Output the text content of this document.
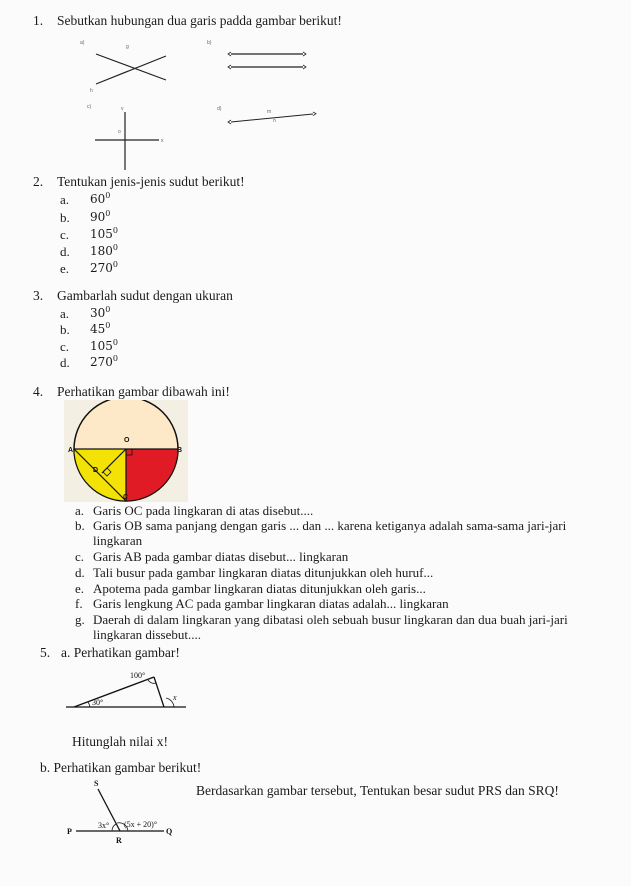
1. Sebutkan hubungan dua garis padda gambar berikut!
a)
g
h
b)
c)	v
o
x
d)	m
n
2. Tentukan jenis-jenis sudut berikut!
a. $60^0$
b. $90^0$
c. $105^0$
d. $180^0$
e. $270^0$
3. Gambarlah sudut dengan ukuran
a. $30^0$
b. $45^0$
c. $105^0$
d. $270^0$
4. Perhatikan gambar dibawah ini!
A	B
O
D
C
a. Garis OC pada lingkaran di atas disebut....
b. Garis OB sama panjang dengan garis ... dan ... karena ketiganya adalah sama-sama jari-jari
lingkaran
c. Garis AB pada gambar diatas disebut... lingkaran
d. Tali busur pada gambar lingkaran diatas ditunjukkan oleh huruf...
e. Apotema pada gambar lingkaran diatas ditunjukkan oleh garis...
f. Garis lengkung AC pada gambar lingkaran diatas adalah... lingkaran
g. Daerah di dalam lingkaran yang dibatasi oleh sebuah busur lingkaran dan dua buah jari-jari
lingkaran dissebut....
5. a. Perhatikan gambar!
100°
30°
x
Hitunglah nilai x!
b. Perhatikan gambar berikut!
S
P
R
Q
3x° (5x + 20)°
Berdasarkan gambar tersebut, Tentukan besar sudut PRS dan SRQ!
